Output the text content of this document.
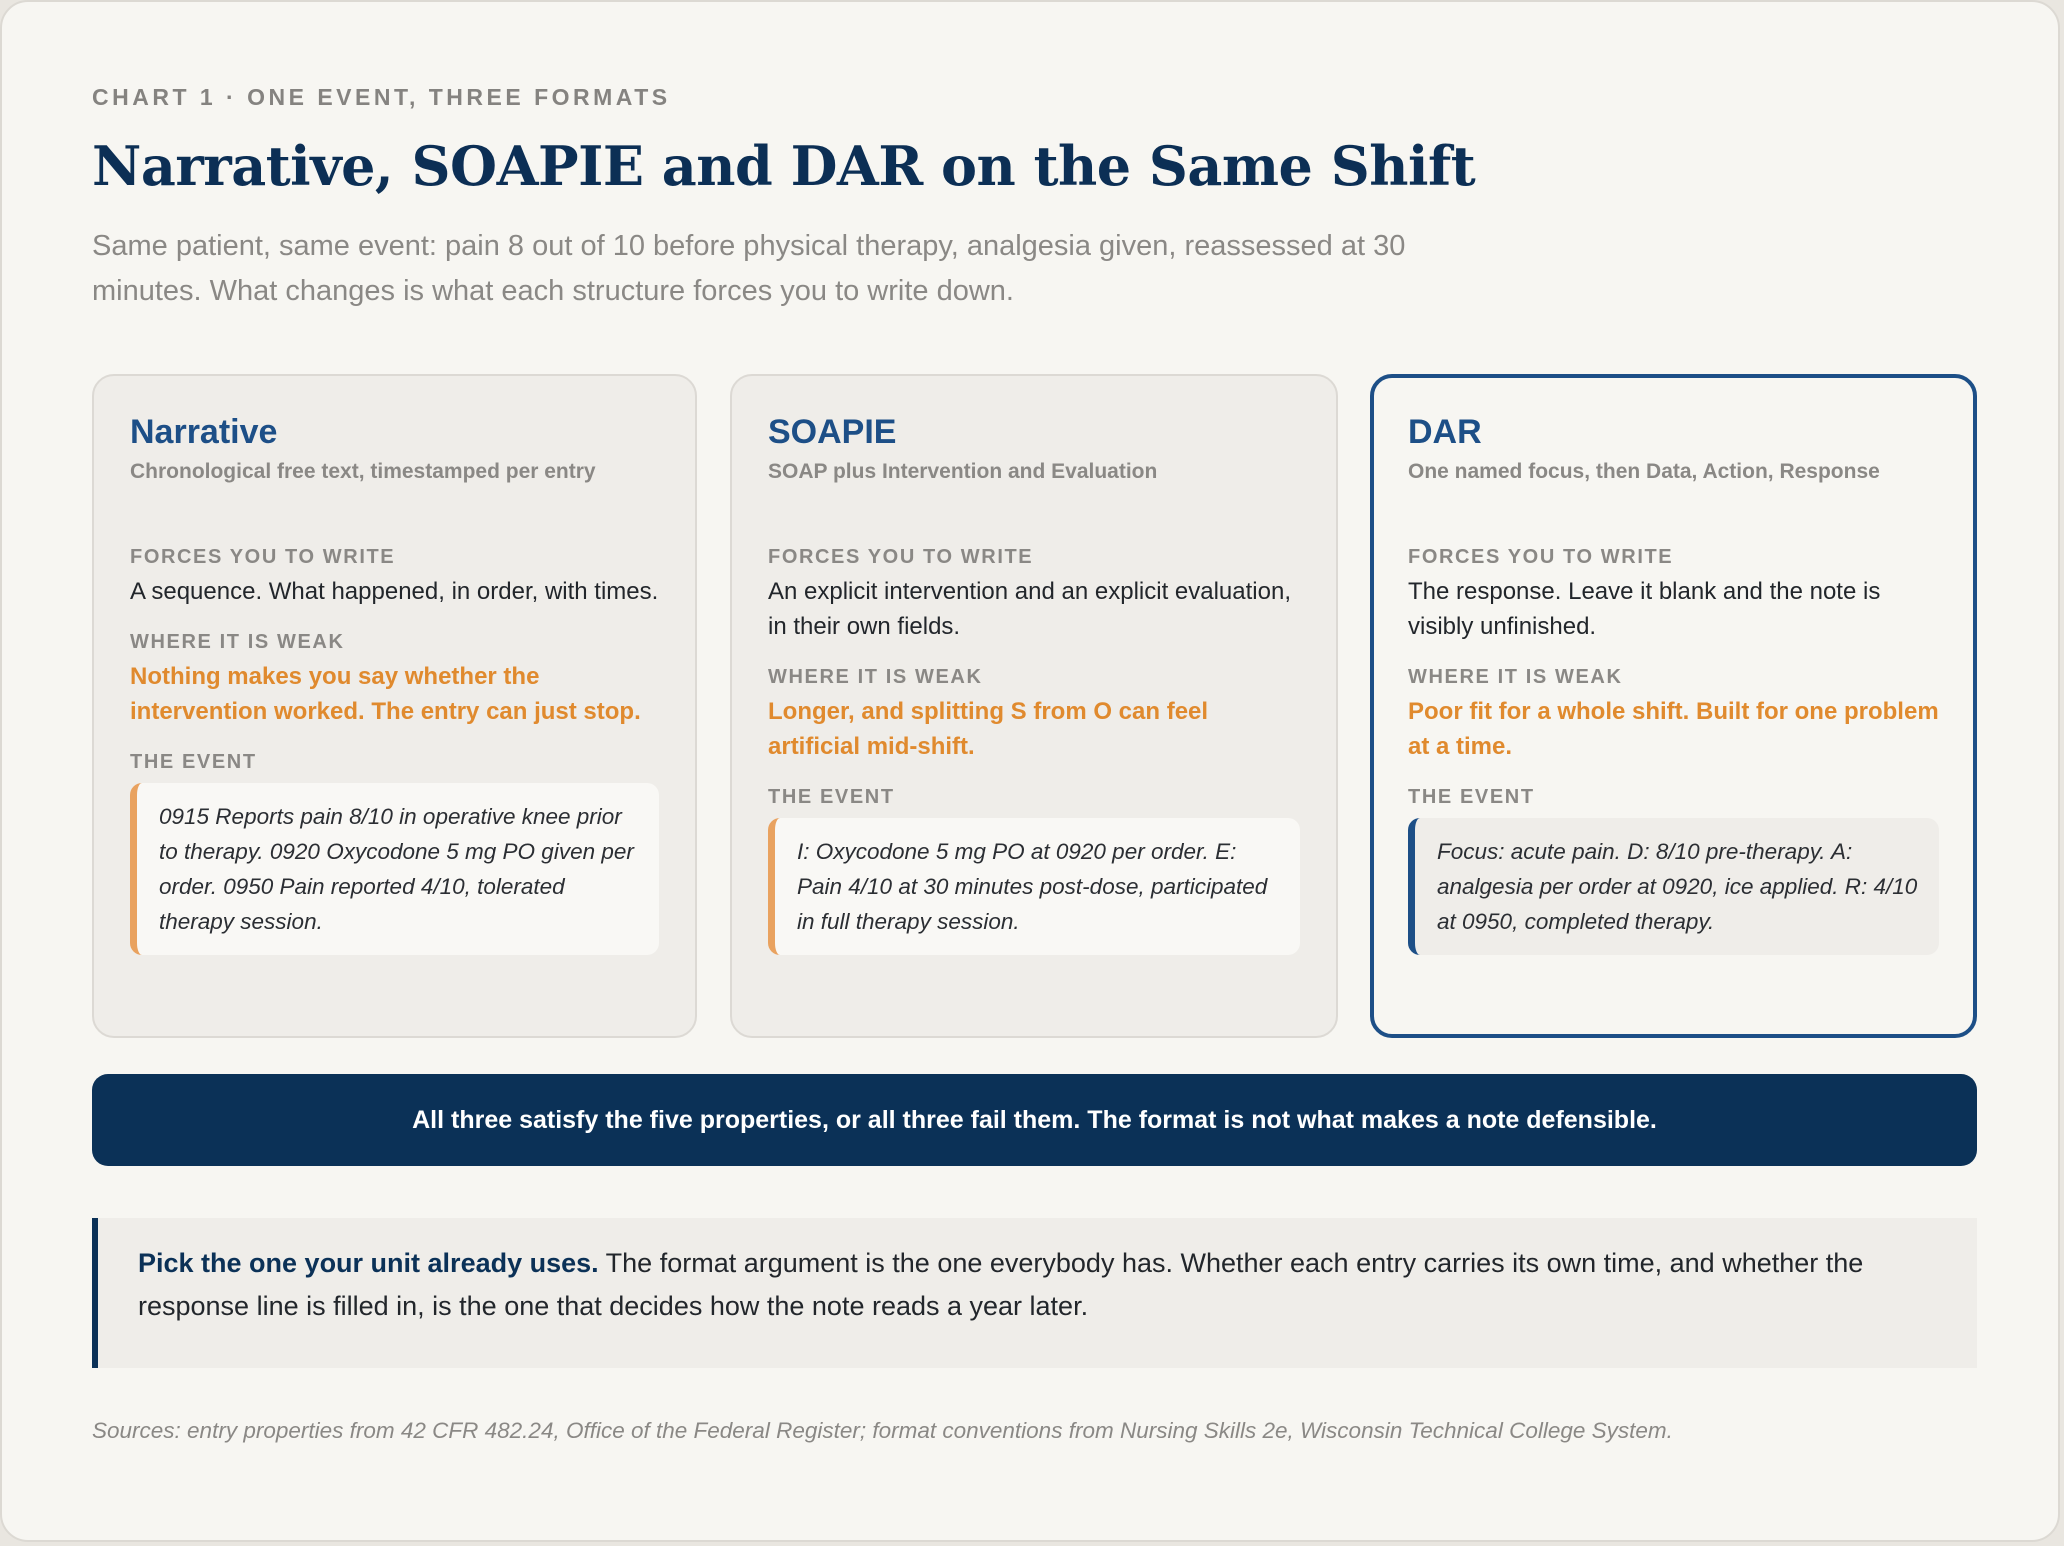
CHART 1 · ONE EVENT, THREE FORMATS
Narrative, SOAPIE and DAR on the Same Shift

Same patient, same event: pain 8 out of 10 before physical therapy, analgesia given, reassessed at 30 minutes. What changes is what each structure forces you to write down.

Narrative
Chronological free text, timestamped per entry
FORCES YOU TO WRITE
A sequence. What happened, in order, with times.
WHERE IT IS WEAK
Nothing makes you say whether the intervention worked. The entry can just stop.
THE EVENT
0915 Reports pain 8/10 in operative knee prior to therapy. 0920 Oxycodone 5 mg PO given per order. 0950 Pain reported 4/10, tolerated therapy session.
SOAPIE
SOAP plus Intervention and Evaluation
FORCES YOU TO WRITE
An explicit intervention and an explicit evaluation, in their own fields.
WHERE IT IS WEAK
Longer, and splitting S from O can feel artificial mid-shift.
THE EVENT
I: Oxycodone 5 mg PO at 0920 per order. E: Pain 4/10 at 30 minutes post-dose, participated in full therapy session.
DAR
One named focus, then Data, Action, Response
FORCES YOU TO WRITE
The response. Leave it blank and the note is visibly unfinished.
WHERE IT IS WEAK
Poor fit for a whole shift. Built for one problem at a time.
THE EVENT
Focus: acute pain. D: 8/10 pre-therapy. A: analgesia per order at 0920, ice applied. R: 4/10 at 0950, completed therapy.
All three satisfy the five properties, or all three fail them. The format is not what makes a note defensible.
Pick the one your unit already uses. The format argument is the one everybody has. Whether each entry carries its own time, and whether the response line is filled in, is the one that decides how the note reads a year later.
Sources: entry properties from 42 CFR 482.24, Office of the Federal Register; format conventions from Nursing Skills 2e, Wisconsin Technical College System.
